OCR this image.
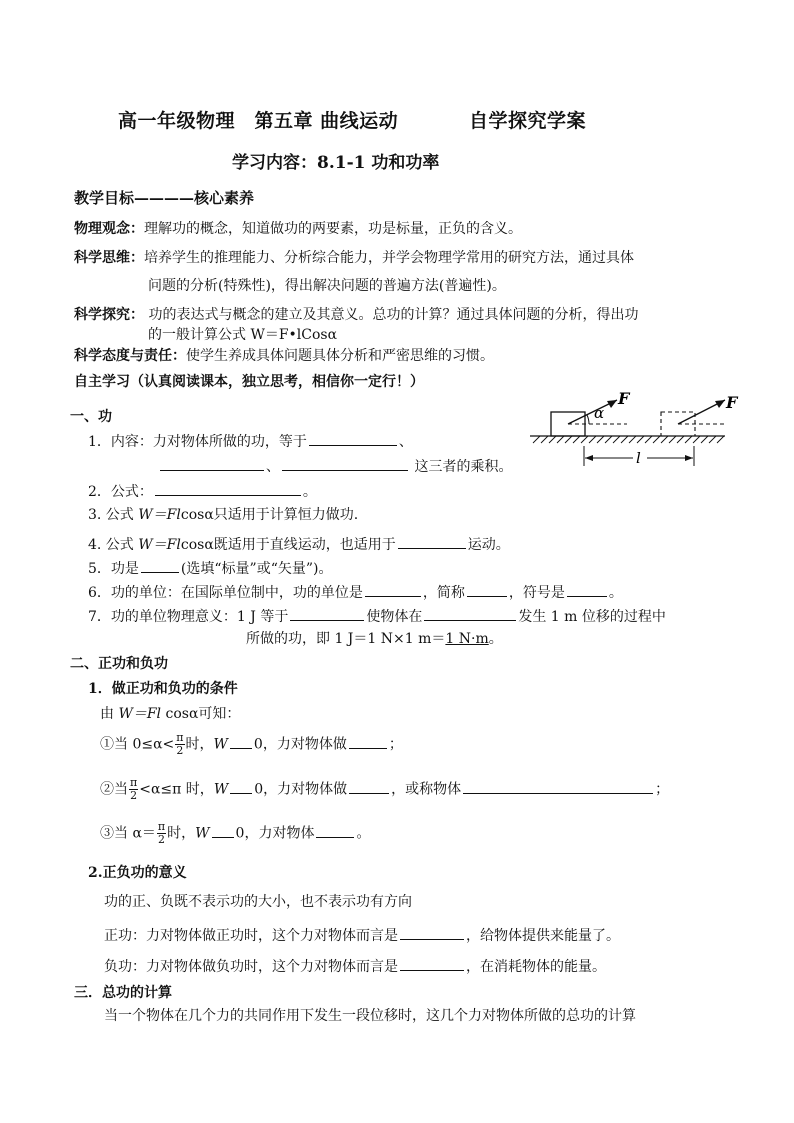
高一年级物理　第五章 曲线运动	自学探究学案
学习内容：8.1-1 功和功率
教学目标————核心素养
物理观念：理解功的概念，知道做功的两要素，功是标量，正负的含义。
科学思维：培养学生的推理能力、分析综合能力，并学会物理学常用的研究方法，通过具体
问题的分析(特殊性)，得出解决问题的普遍方法(普遍性)。
科学探究： 功的表达式与概念的建立及其意义。总功的计算？通过具体问题的分析，得出功
的一般计算公式 W＝F•lCosα
科学态度与责任：使学生养成具体问题具体分析和严密思维的习惯。
自主学习（认真阅读课本，独立思考，相信你一定行！）
一、功
1．内容：力对物体所做的功，等于	、
、	这三者的乘积。
2．公式：	。
3. 公式 W＝Flcosα只适用于计算恒力做功.
4. 公式 W＝Flcosα既适用于直线运动，也适用于	运动。
5．功是	(选填“标量”或“矢量”)。
6．功的单位：在国际单位制中，功的单位是	，简称	，符号是	。
7．功的单位物理意义：1 J 等于	使物体在	发生 1 m 位移的过程中
所做的功，即 1 J＝1 N×1 m＝1 N·m。
α
F	F
l
二、正功和负功
1．做正功和负功的条件
由 W＝Fl cosα可知：
①当 $0\le\alpha< \frac{\pi}{2}$ 时，W 0，力对物体做	；
②当 $\frac{\pi}{2} <\alpha\le\pi$ 时，W 0，力对物体做	，或称物体	；
③当 $\alpha= \frac{\pi}{2}$ 时，W 0，力对物体	。
2.正负功的意义
功的正、负既不表示功的大小，也不表示功有方向
正功：力对物体做正功时，这个力对物体而言是	，给物体提供来能量了。
负功：力对物体做负功时，这个力对物体而言是	，在消耗物体的能量。
三．总功的计算
当一个物体在几个力的共同作用下发生一段位移时，这几个力对物体所做的总功的计算
